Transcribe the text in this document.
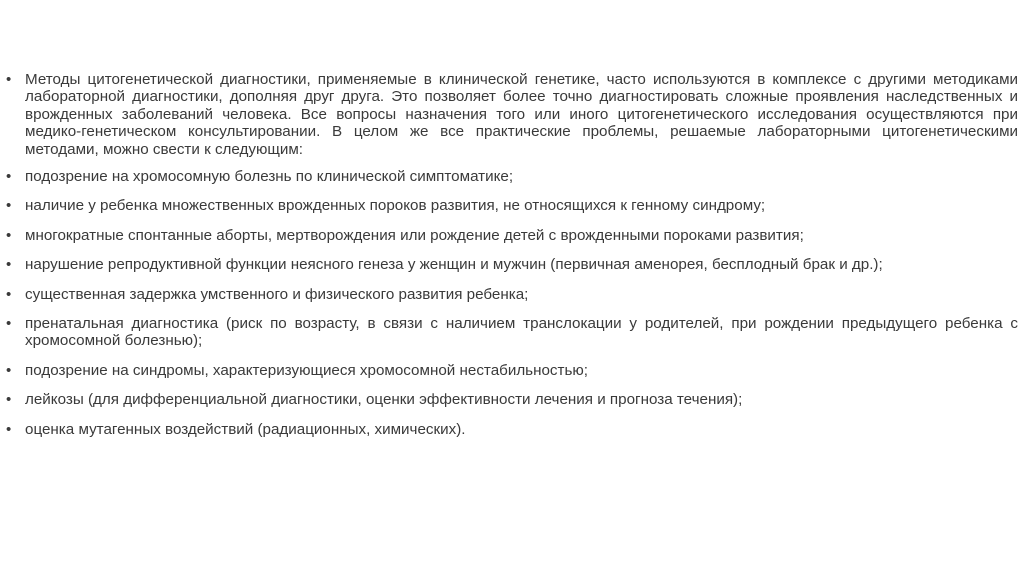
• Методы цитогенетической диагностики, применяемые в клинической генетике, часто используются в комплексе с другими методиками лабораторной диагностики, дополняя друг друга. Это позволяет более точно диагностировать сложные проявления наследственных и врожденных заболеваний человека. Все вопросы назначения того или иного цитогенетического исследования осуществляются при медико-генетическом консультировании. В целом же все практические проблемы, решаемые лабораторными цитогенетическими методами, можно свести к следующим:
• подозрение на хромосомную болезнь по клинической симптоматике;
• наличие у ребенка множественных врожденных пороков развития, не относящихся к генному синдрому;
• многократные спонтанные аборты, мертворождения или рождение детей с врожденными пороками развития;
• нарушение репродуктивной функции неясного генеза у женщин и мужчин (первичная аменорея, бесплодный брак и др.);
• существенная задержка умственного и физического развития ребенка;
• пренатальная диагностика (риск по возрасту, в связи с наличием транслокации у родителей, при рождении предыдущего ребенка с хромосомной болезнью);
• подозрение на синдромы, характеризующиеся хромосомной нестабильностью;
• лейкозы (для дифференциальной диагностики, оценки эффективности лечения и прогноза течения);
• оценка мутагенных воздействий (радиационных, химических).
